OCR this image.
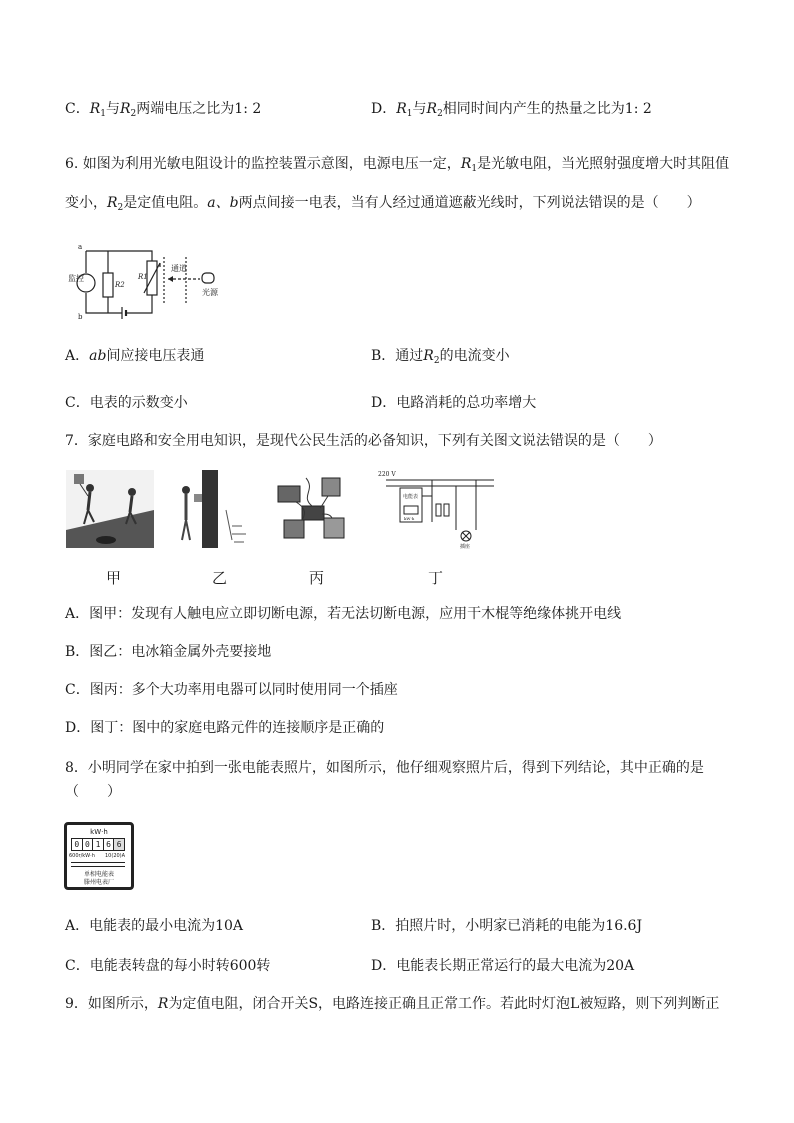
C．$R_1$与$R_2$两端电压之比为1: 2	D．$R_1$与$R_2$相同时间内产生的热量之比为1: 2
6. 如图为利用光敏电阻设计的监控装置示意图，电源电压一定，$R_1$是光敏电阻，当光照射强度增大时其阻值
变小，$R_2$是定值电阻。a、b两点间接一电表，当有人经过通道遮蔽光线时，下列说法错误的是（　　）
a
b
监控
R2
R1
通道
光源
A．ab间应接电压表通	B．通过$R_2$的电流变小
C．电表的示数变小	D．电路消耗的总功率增大
7．家庭电路和安全用电知识，是现代公民生活的必备知识，下列有关图文说法错误的是（　　）
220 V
电能表
kW·h
插座
甲	乙	丙	丁
A．图甲：发现有人触电应立即切断电源，若无法切断电源，应用干木棍等绝缘体挑开电线
B．图乙：电冰箱金属外壳要接地
C．图丙：多个大功率用电器可以同时使用同一个插座
D．图丁：图中的家庭电路元件的连接顺序是正确的
8．小明同学在家中拍到一张电能表照片，如图所示，他仔细观察照片后，得到下列结论，其中正确的是
（　　）
kW·h
0 0 1 6 6
600r/kW·h 10(20)A
单相电能表
滕州电表厂
A．电能表的最小电流为10A	B．拍照片时，小明家已消耗的电能为16.6J
C．电能表转盘的每小时转600转	D．电能表长期正常运行的最大电流为20A
9．如图所示，R为定值电阻，闭合开关S，电路连接正确且正常工作。若此时灯泡L被短路，则下列判断正
